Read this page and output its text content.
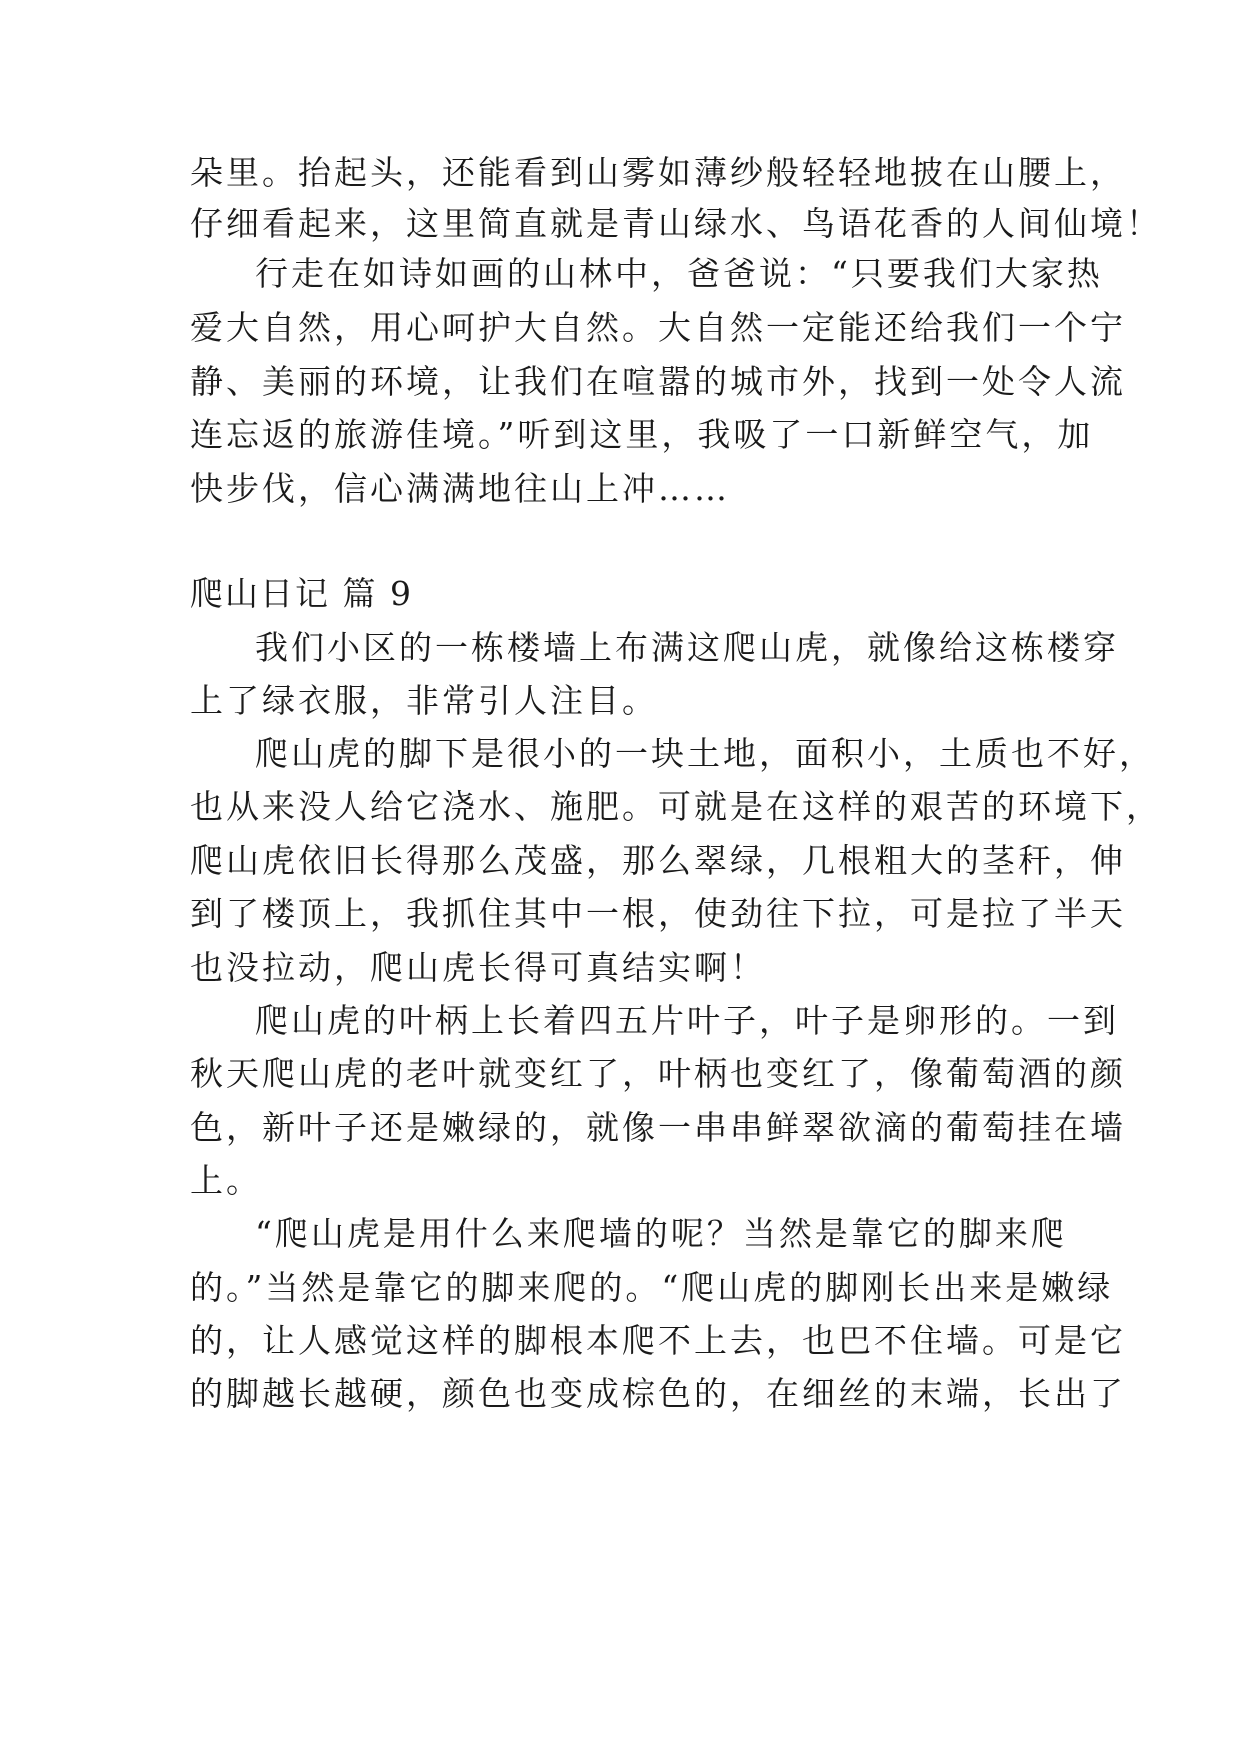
朵里。抬起头，还能看到山雾如薄纱般轻轻地披在山腰上，
仔细看起来，这里简直就是青山绿水、鸟语花香的人间仙境！
行走在如诗如画的山林中，爸爸说：“只要我们大家热
爱大自然，用心呵护大自然。大自然一定能还给我们一个宁
静、美丽的环境，让我们在喧嚣的城市外，找到一处令人流
连忘返的旅游佳境。”听到这里，我吸了一口新鲜空气，加
快步伐，信心满满地往山上冲……
爬山日记 篇 9
我们小区的一栋楼墙上布满这爬山虎，就像给这栋楼穿
上了绿衣服，非常引人注目。
爬山虎的脚下是很小的一块土地，面积小，土质也不好，
也从来没人给它浇水、施肥。可就是在这样的艰苦的环境下，
爬山虎依旧长得那么茂盛，那么翠绿，几根粗大的茎秆，伸
到了楼顶上，我抓住其中一根，使劲往下拉，可是拉了半天
也没拉动，爬山虎长得可真结实啊！
爬山虎的叶柄上长着四五片叶子，叶子是卵形的。一到
秋天爬山虎的老叶就变红了，叶柄也变红了，像葡萄酒的颜
色，新叶子还是嫩绿的，就像一串串鲜翠欲滴的葡萄挂在墙
上。
“爬山虎是用什么来爬墙的呢？当然是靠它的脚来爬
的。”当然是靠它的脚来爬的。“爬山虎的脚刚长出来是嫩绿
的，让人感觉这样的脚根本爬不上去，也巴不住墙。可是它
的脚越长越硬，颜色也变成棕色的，在细丝的末端，长出了
